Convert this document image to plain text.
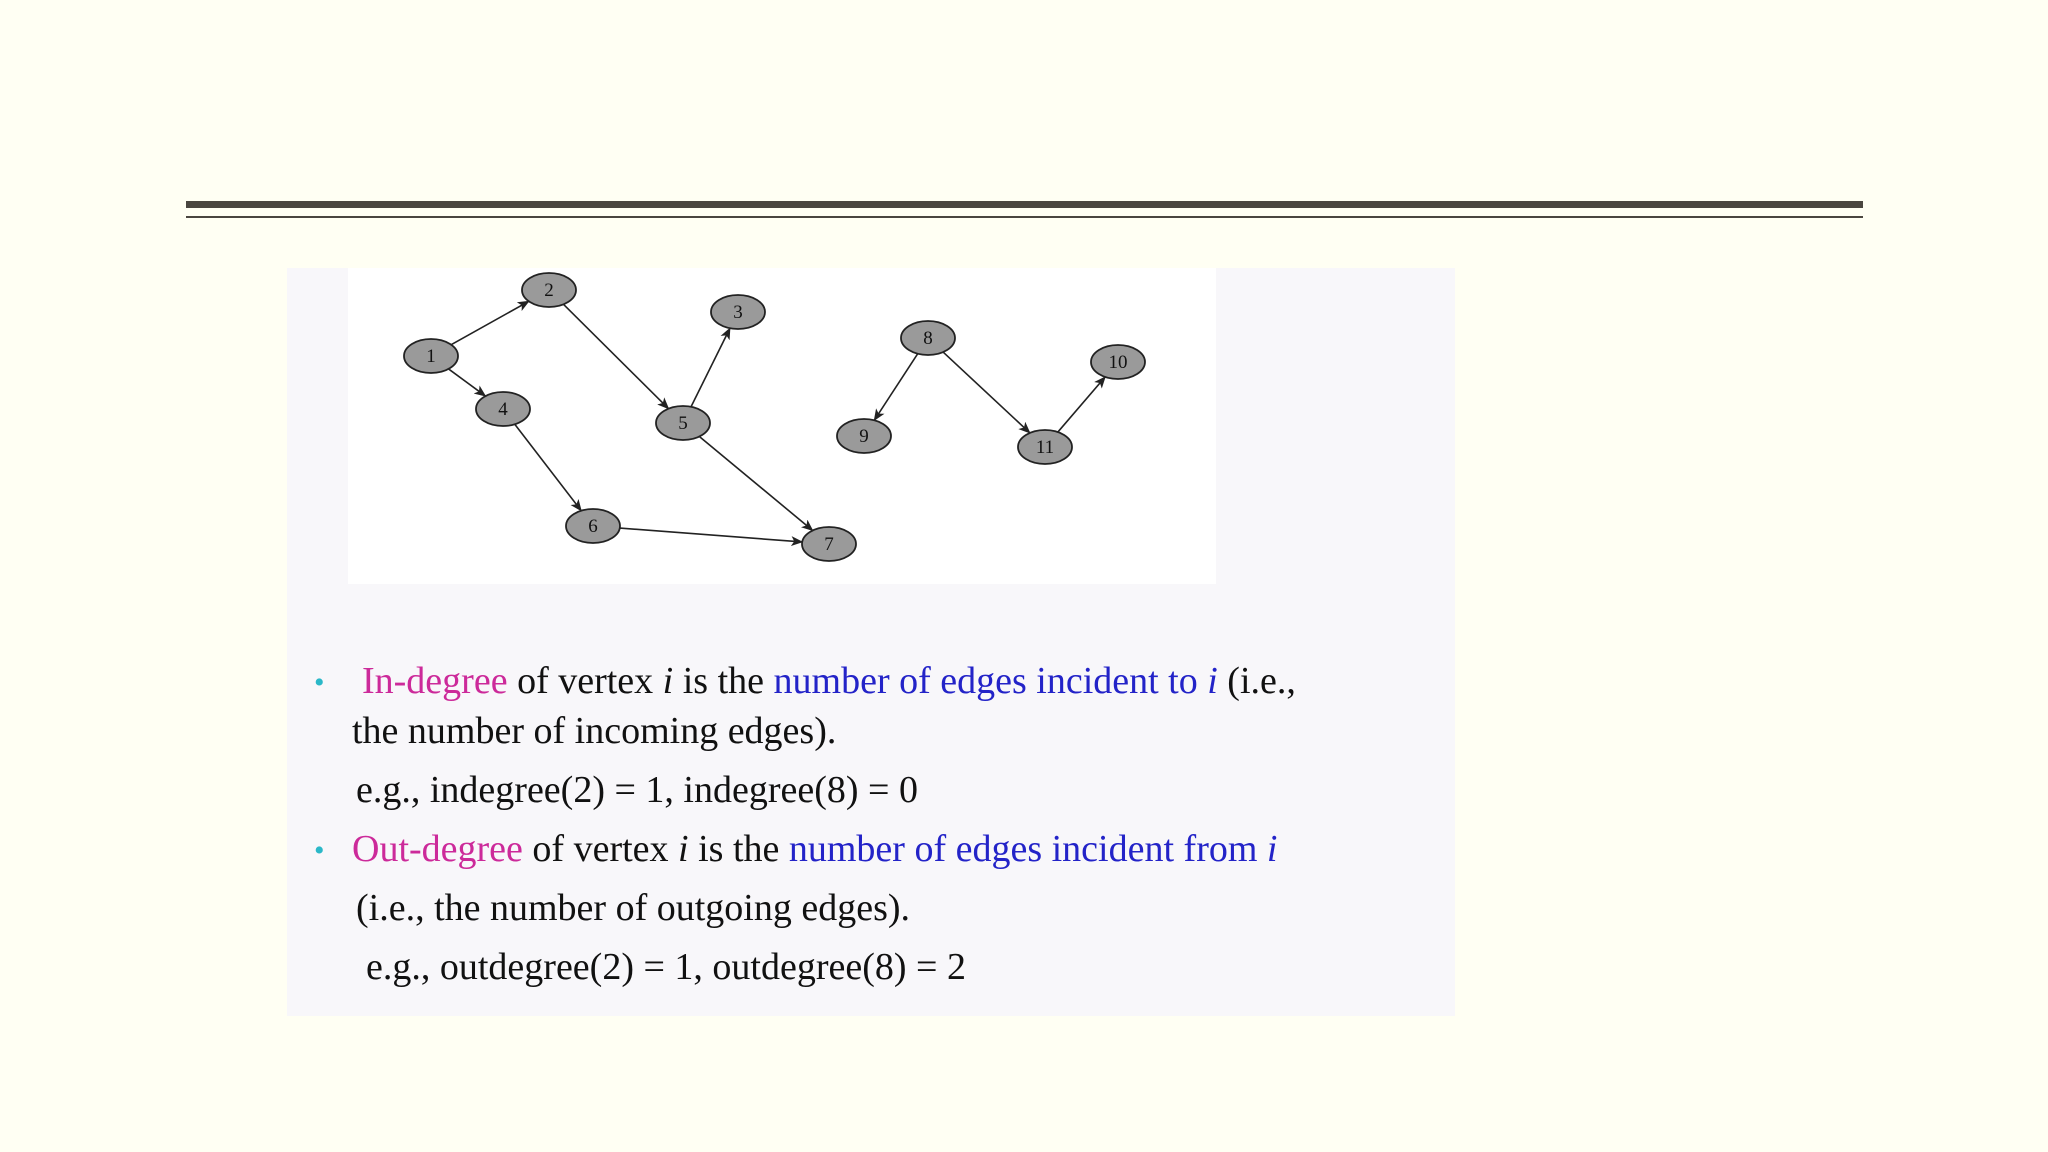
1
2
3
4
5
6
7
8
9
10
11
• In-degree of vertex i is the number of edges incident to i (i.e.,
the number of incoming edges).
e.g., indegree(2) = 1, indegree(8) = 0
• Out-degree of vertex i is the number of edges incident from i
(i.e., the number of outgoing edges).
e.g., outdegree(2) = 1, outdegree(8) = 2
